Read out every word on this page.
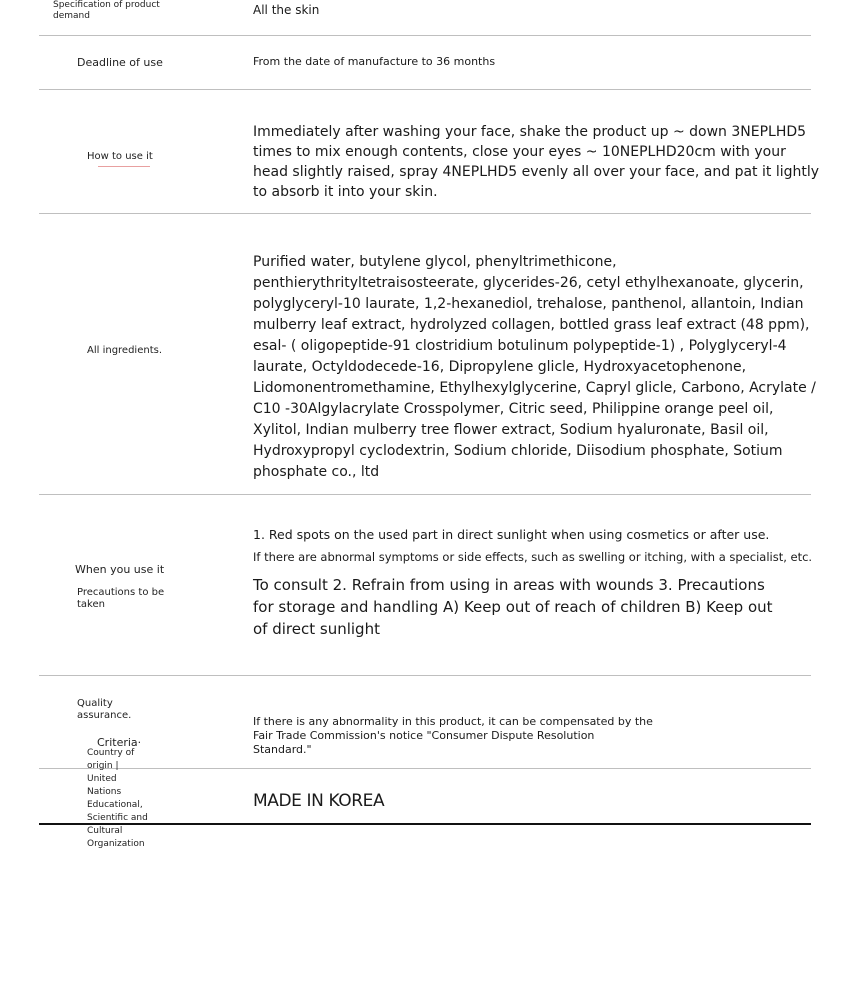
Specification of product demand	All the skin
Deadline of use	From the date of manufacture to 36 months
How to use it
Immediately after washing your face, shake the product up ~ down 3NEPLHD5 times to mix enough contents, close your eyes ~ 10NEPLHD20cm with your head slightly raised, spray 4NEPLHD5 evenly all over your face, and pat it lightly to absorb it into your skin.
All ingredients.
Purified water, butylene glycol, phenyltrimethicone, penthierythrityltetraisosteerate, glycerides-26, cetyl ethylhexanoate, glycerin, polyglyceryl-10 laurate, 1,2-hexanediol, trehalose, panthenol, allantoin, Indian mulberry leaf extract, hydrolyzed collagen, bottled grass leaf extract (48 ppm), esal- ( oligopeptide-91 clostridium botulinum polypeptide-1) , Polyglyceryl-4 laurate, Octyldodecede-16, Dipropylene glicle, Hydroxyacetophenone, Lidomonentromethamine, Ethylhexylglycerine, Capryl glicle, Carbono, Acrylate / C10 -30Algylacrylate Crosspolymer, Citric seed, Philippine orange peel oil, Xylitol, Indian mulberry tree flower extract, Sodium hyaluronate, Basil oil, Hydroxypropyl cyclodextrin, Sodium chloride, Diisodium phosphate, Sotium phosphate co., ltd
When you use it
Precautions to be taken
1. Red spots on the used part in direct sunlight when using cosmetics or after use.
If there are abnormal symptoms or side effects, such as swelling or itching, with a specialist, etc.
To consult 2. Refrain from using in areas with wounds 3. Precautions for storage and handling A) Keep out of reach of children B) Keep out of direct sunlight
Quality assurance.
Criteria·
If there is any abnormality in this product, it can be compensated by the Fair Trade Commission's notice "Consumer Dispute Resolution Standard."
Country of origin | United Nations Educational, Scientific and Cultural Organization
MADE IN KOREA
